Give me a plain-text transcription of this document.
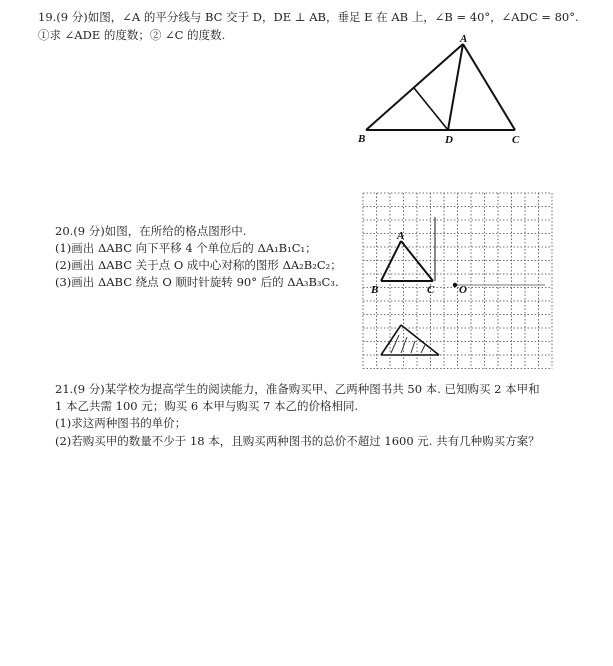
19.(9 分)如图，∠A 的平分线与 BC 交于 D，DE ⊥ AB，垂足 E 在 AB 上，∠B = 40°，∠ADC = 80°.
①求 ∠ADE 的度数；② ∠C 的度数.	A
B	D	C
20.(9 分)如图，在所给的格点图形中.
(1)画出 ΔABC 向下平移 4 个单位后的 ΔA₁B₁C₁；
(2)画出 ΔABC 关于点 O 成中心对称的图形 ΔA₂B₂C₂；
(3)画出 ΔABC 绕点 O 顺时针旋转 90° 后的 ΔA₃B₃C₃.
A
B	C O
21.(9 分)某学校为提高学生的阅读能力，准备购买甲、乙两种图书共 50 本. 已知购买 2 本甲和
1 本乙共需 100 元；购买 6 本甲与购买 7 本乙的价格相同.
(1)求这两种图书的单价；
(2)若购买甲的数量不少于 18 本，且购买两种图书的总价不超过 1600 元. 共有几种购买方案？
